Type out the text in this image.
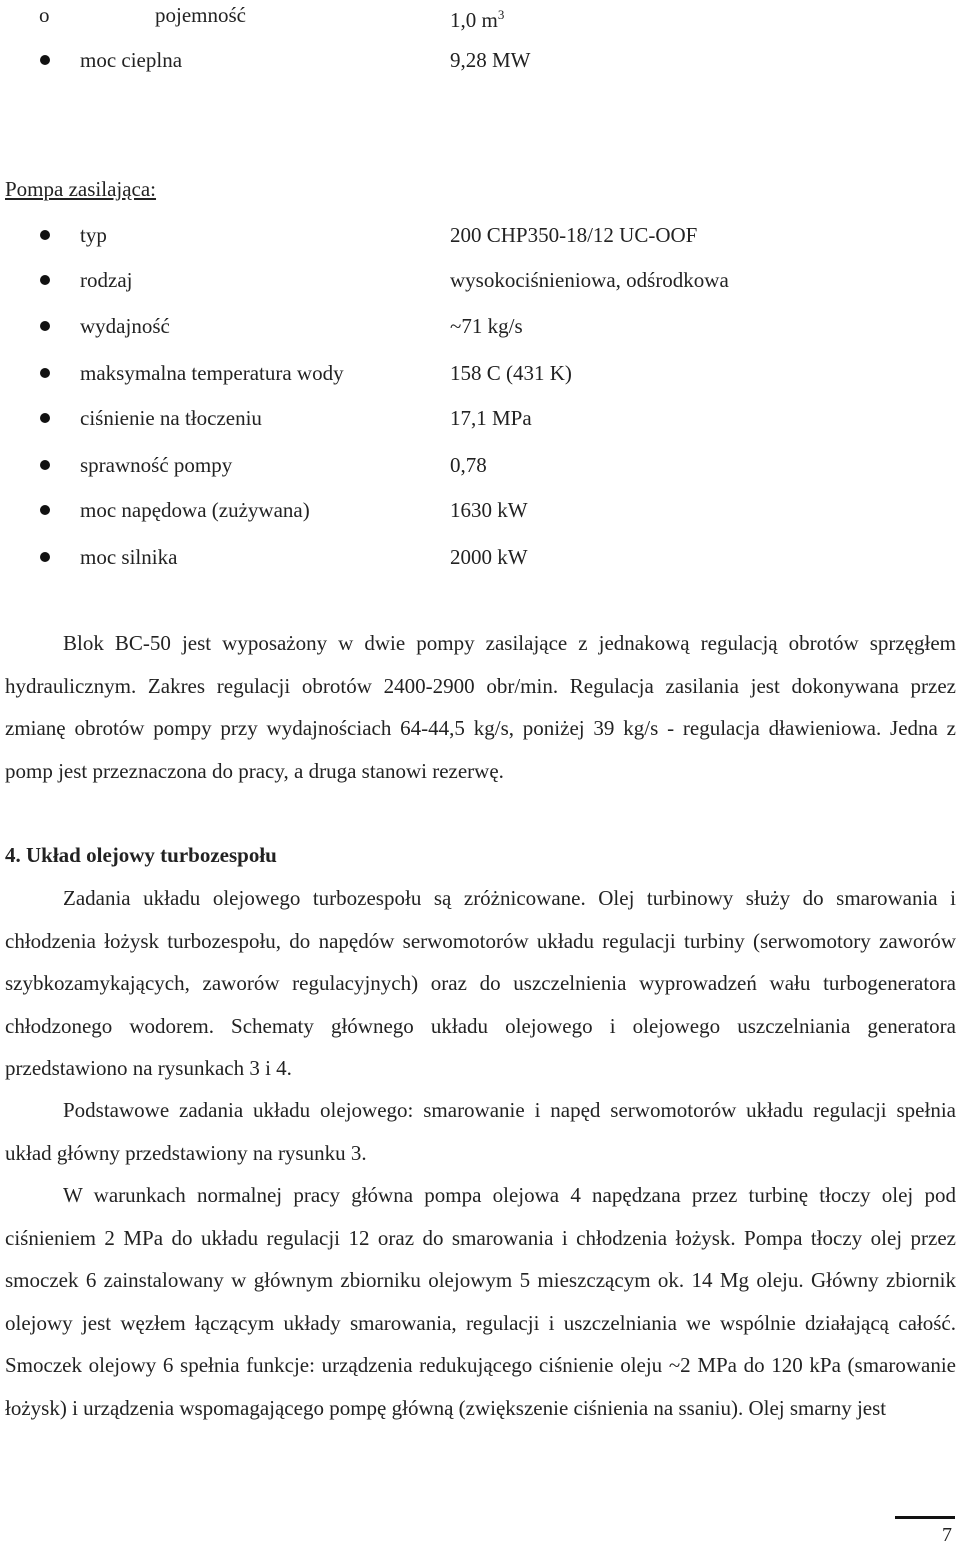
o	pojemność	1,0 $m^3$
moc cieplna	9,28 MW
Pompa zasilająca:
typ	200 CHP350-18/12 UC-OOF
rodzaj	wysokociśnieniowa, odśrodkowa
wydajność	~71 kg/s
maksymalna temperatura wody	158 C (431 K)
ciśnienie na tłoczeniu	17,1 MPa
sprawność pompy	0,78
moc napędowa (zużywana)	1630 kW
moc silnika	2000 kW

Blok BC-50 jest wyposażony w dwie pompy zasilające z jednakową regulacją obrotów sprzęgłem hydraulicznym. Zakres regulacji obrotów 2400-2900 obr/min. Regulacja zasilania jest dokonywana przez zmianę obrotów pompy przy wydajnościach 64-44,5 kg/s, poniżej 39 kg/s - regulacja dławieniowa. Jedna z pomp jest przeznaczona do pracy, a druga stanowi rezerwę.

4. Układ olejowy turbozespołu

Zadania układu olejowego turbozespołu są zróżnicowane. Olej turbinowy służy do smarowania i chłodzenia łożysk turbozespołu, do napędów serwomotorów układu regulacji turbiny (serwomotory zaworów szybkozamykających, zaworów regulacyjnych) oraz do uszczelnienia wyprowadzeń wału turbogeneratora chłodzonego wodorem. Schematy głównego układu olejowego i olejowego uszczelniania generatora przedstawiono na rysunkach 3 i 4.

Podstawowe zadania układu olejowego: smarowanie i napęd serwomotorów układu regulacji spełnia układ główny przedstawiony na rysunku 3.

W warunkach normalnej pracy główna pompa olejowa 4 napędzana przez turbinę tłoczy olej pod ciśnieniem 2 MPa do układu regulacji 12 oraz do smarowania i chłodzenia łożysk. Pompa tłoczy olej przez smoczek 6 zainstalowany w głównym zbiorniku olejowym 5 mieszczącym ok. 14 Mg oleju. Główny zbiornik olejowy jest węzłem łączącym układy smarowania, regulacji i uszczelniania we wspólnie działającą całość. Smoczek olejowy 6 spełnia funkcje: urządzenia redukującego ciśnienie oleju ~2 MPa do 120 kPa (smarowanie łożysk) i urządzenia wspomagającego pompę główną (zwiększenie ciśnienia na ssaniu). Olej smarny jest

7
